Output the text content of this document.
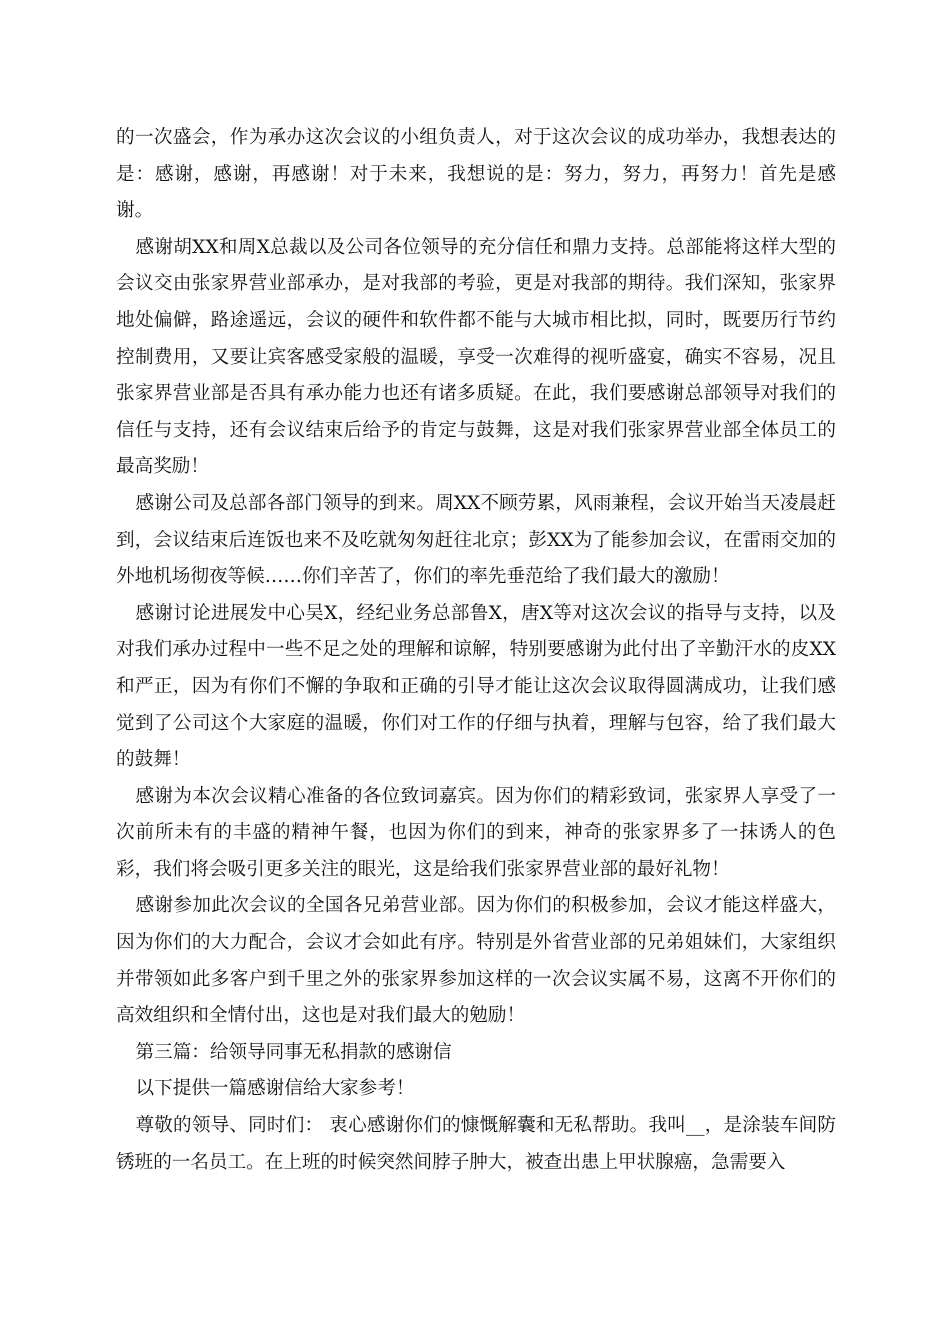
的一次盛会，作为承办这次会议的小组负责人，对于这次会议的成功举办，我想表达的是：感谢，感谢，再感谢！对于未来，我想说的是：努力，努力，再努力！首先是感谢。

感谢胡XX和周X总裁以及公司各位领导的充分信任和鼎力支持。总部能将这样大型的会议交由张家界营业部承办，是对我部的考验，更是对我部的期待。我们深知，张家界地处偏僻，路途遥远，会议的硬件和软件都不能与大城市相比拟，同时，既要历行节约控制费用，又要让宾客感受家般的温暖，享受一次难得的视听盛宴，确实不容易，况且张家界营业部是否具有承办能力也还有诸多质疑。在此，我们要感谢总部领导对我们的信任与支持，还有会议结束后给予的肯定与鼓舞，这是对我们张家界营业部全体员工的最高奖励！

感谢公司及总部各部门领导的到来。周XX不顾劳累，风雨兼程，会议开始当天凌晨赶到，会议结束后连饭也来不及吃就匆匆赶往北京；彭XX为了能参加会议，在雷雨交加的外地机场彻夜等候……你们辛苦了，你们的率先垂范给了我们最大的激励！

感谢讨论进展发中心吴X，经纪业务总部鲁X，唐X等对这次会议的指导与支持，以及对我们承办过程中一些不足之处的理解和谅解，特别要感谢为此付出了辛勤汗水的皮XX和严正，因为有你们不懈的争取和正确的引导才能让这次会议取得圆满成功，让我们感觉到了公司这个大家庭的温暖，你们对工作的仔细与执着，理解与包容，给了我们最大的鼓舞！

感谢为本次会议精心准备的各位致词嘉宾。因为你们的精彩致词，张家界人享受了一次前所未有的丰盛的精神午餐，也因为你们的到来，神奇的张家界多了一抹诱人的色彩，我们将会吸引更多关注的眼光，这是给我们张家界营业部的最好礼物！

感谢参加此次会议的全国各兄弟营业部。因为你们的积极参加，会议才能这样盛大，因为你们的大力配合，会议才会如此有序。特别是外省营业部的兄弟姐妹们，大家组织并带领如此多客户到千里之外的张家界参加这样的一次会议实属不易，这离不开你们的高效组织和全情付出，这也是对我们最大的勉励！

第三篇：给领导同事无私捐款的感谢信

以下提供一篇感谢信给大家参考！

尊敬的领导、同时们： 衷心感谢你们的慷慨解囊和无私帮助。我叫__，是涂装车间防锈班的一名员工。在上班的时候突然间脖子肿大，被查出患上甲状腺癌，急需要入
